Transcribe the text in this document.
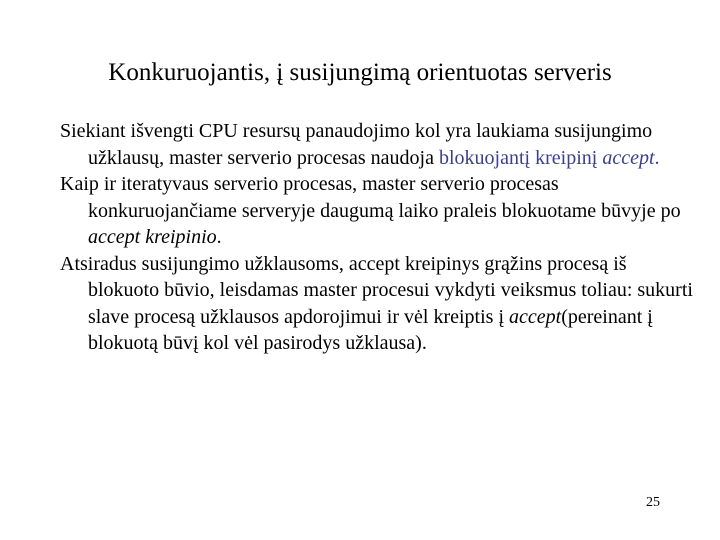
Konkuruojantis, į susijungimą orientuotas serveris

Siekiant išvengti CPU resursų panaudojimo kol yra laukiama susijungimo užklausų, master serverio procesas naudoja blokuojantį kreipinį accept.

Kaip ir iteratyvaus serverio procesas, master serverio procesas konkuruojančiame serveryje daugumą laiko praleis blokuotame būvyje po accept kreipinio.

Atsiradus susijungimo užklausoms, accept kreipinys grąžins procesą iš blokuoto būvio, leisdamas master procesui vykdyti veiksmus toliau: sukurti slave procesą užklausos apdorojimui ir vėl kreiptis į accept(pereinant į blokuotą būvį kol vėl pasirodys užklausa).

25
